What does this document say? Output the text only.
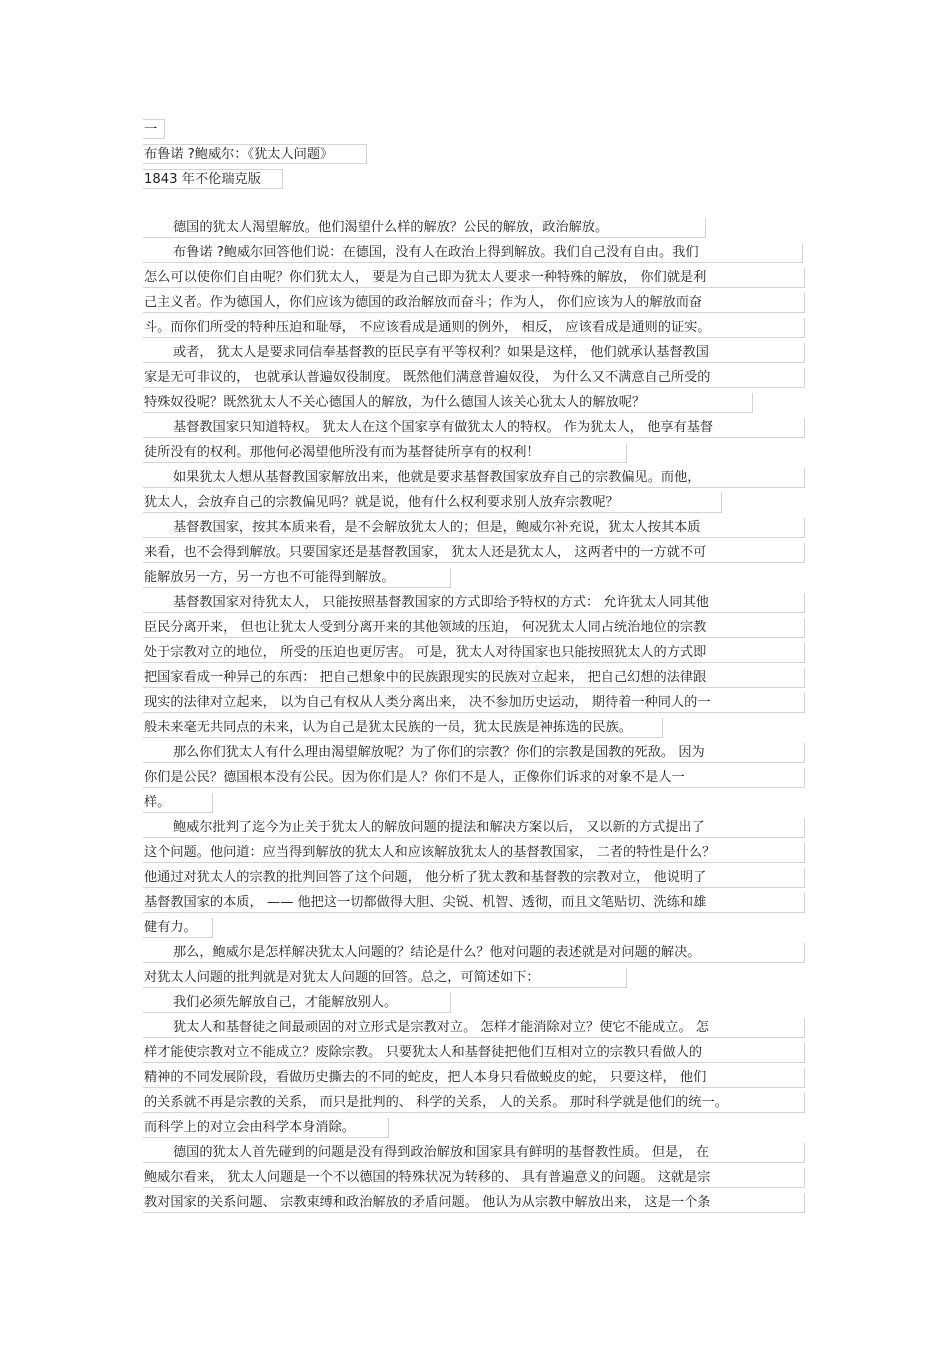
一
布鲁诺 ?鲍威尔：《犹太人问题》
1843 年不伦瑞克版
德国的犹太人渴望解放。他们渴望什么样的解放？公民的解放，政治解放。
布鲁诺 ?鲍威尔回答他们说：在德国，没有人在政治上得到解放。我们自己没有自由。我们
怎么可以使你们自由呢？你们犹太人， 要是为自己即为犹太人要求一种特殊的解放， 你们就是利
己主义者。作为德国人，你们应该为德国的政治解放而奋斗；作为人， 你们应该为人的解放而奋
斗。而你们所受的特种压迫和耻辱， 不应该看成是通则的例外， 相反， 应该看成是通则的证实。
或者， 犹太人是要求同信奉基督教的臣民享有平等权利？如果是这样， 他们就承认基督教国
家是无可非议的， 也就承认普遍奴役制度。 既然他们满意普遍奴役， 为什么又不满意自己所受的
特殊奴役呢？既然犹太人不关心德国人的解放，为什么德国人该关心犹太人的解放呢？
基督教国家只知道特权。 犹太人在这个国家享有做犹太人的特权。 作为犹太人， 他享有基督
徒所没有的权利。那他何必渴望他所没有而为基督徒所享有的权利！
如果犹太人想从基督教国家解放出来，他就是要求基督教国家放弃自己的宗教偏见。而他，
犹太人，会放弃自己的宗教偏见吗？就是说，他有什么权利要求别人放弃宗教呢？
基督教国家，按其本质来看，是不会解放犹太人的；但是，鲍威尔补充说，犹太人按其本质
来看，也不会得到解放。只要国家还是基督教国家， 犹太人还是犹太人， 这两者中的一方就不可
能解放另一方，另一方也不可能得到解放。
基督教国家对待犹太人， 只能按照基督教国家的方式即给予特权的方式： 允许犹太人同其他
臣民分离开来， 但也让犹太人受到分离开来的其他领域的压迫， 何况犹太人同占统治地位的宗教
处于宗教对立的地位， 所受的压迫也更厉害。 可是，犹太人对待国家也只能按照犹太人的方式即
把国家看成一种异己的东西： 把自己想象中的民族跟现实的民族对立起来， 把自己幻想的法律跟
现实的法律对立起来， 以为自己有权从人类分离出来， 决不参加历史运动， 期待着一种同人的一
般未来毫无共同点的未来，认为自己是犹太民族的一员，犹太民族是神拣选的民族。
那么你们犹太人有什么理由渴望解放呢？为了你们的宗教？你们的宗教是国教的死敌。 因为
你们是公民？德国根本没有公民。因为你们是人？你们不是人，正像你们诉求的对象不是人一
样。
鲍威尔批判了迄今为止关于犹太人的解放问题的提法和解决方案以后， 又以新的方式提出了
这个问题。他问道：应当得到解放的犹太人和应该解放犹太人的基督教国家， 二者的特性是什么？
他通过对犹太人的宗教的批判回答了这个问题， 他分析了犹太教和基督教的宗教对立， 他说明了
基督教国家的本质， —— 他把这一切都做得大胆、尖锐、机智、透彻，而且文笔贴切、洗练和雄
健有力。
那么，鲍威尔是怎样解决犹太人问题的？结论是什么？他对问题的表述就是对问题的解决。
对犹太人问题的批判就是对犹太人问题的回答。总之，可简述如下：
我们必须先解放自己，才能解放别人。
犹太人和基督徒之间最顽固的对立形式是宗教对立。 怎样才能消除对立？使它不能成立。 怎
样才能使宗教对立不能成立？废除宗教。 只要犹太人和基督徒把他们互相对立的宗教只看做人的
精神的不同发展阶段，看做历史撕去的不同的蛇皮，把人本身只看做蜕皮的蛇， 只要这样， 他们
的关系就不再是宗教的关系， 而只是批判的、 科学的关系， 人的关系。 那时科学就是他们的统一。
而科学上的对立会由科学本身消除。
德国的犹太人首先碰到的问题是没有得到政治解放和国家具有鲜明的基督教性质。 但是， 在
鲍威尔看来， 犹太人问题是一个不以德国的特殊状况为转移的、 具有普遍意义的问题。 这就是宗
教对国家的关系问题、 宗教束缚和政治解放的矛盾问题。 他认为从宗教中解放出来， 这是一个条
